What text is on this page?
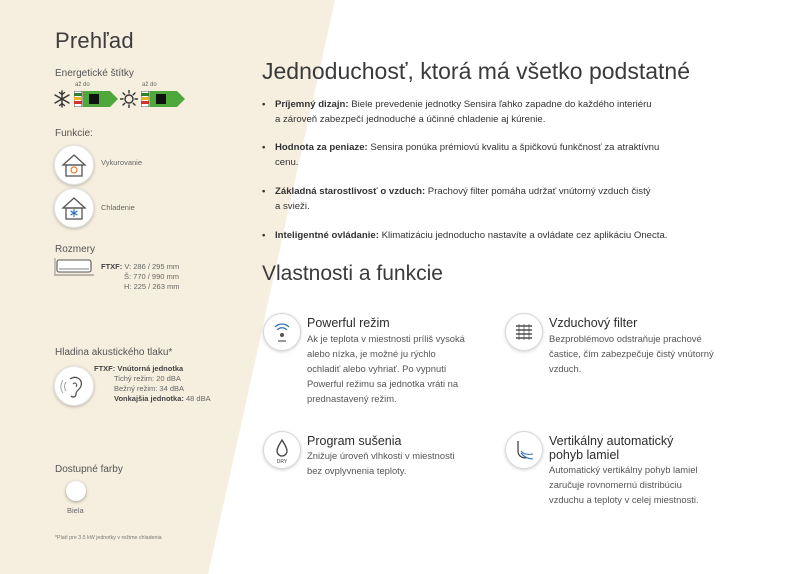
Prehľad
Energetické štítky
až do	až do
Funkcie:
Vykurovanie
Chladenie
Rozmery
FTXF: V: 286 / 295 mm
Š: 770 / 990 mm
H: 225 / 263 mm
Hladina akustického tlaku*
FTXF: Vnútorná jednotka
Tichý režim: 20 dBA
Bežný režim: 34 dBA
Vonkajšia jednotka: 48 dBA
Dostupné farby
Biela
*Platí pre 3.5 kW jednotky v režime chladenia
Jednoduchosť, ktorá má všetko podstatné
• Príjemný dizajn: Biele prevedenie jednotky Sensira ľahko zapadne do každého interiéru
a zároveň zabezpečí jednoduché a účinné chladenie aj kúrenie.
• Hodnota za peniaze: Sensira ponúka prémiovú kvalitu a špičkovú funkčnosť za atraktívnu
cenu.
• Základná starostlivosť o vzduch: Prachový filter pomáha udržať vnútorný vzduch čistý
a svieži.
• Inteligentné ovládanie: Klimatizáciu jednoducho nastavíte a ovládate cez aplikáciu Onecta.
Vlastnosti a funkcie
Powerful režim
Ak je teplota v miestnosti príliš vysoká
alebo nízka, je možné ju rýchlo
ochladiť alebo vyhriať. Po vypnutí
Powerful režimu sa jednotka vráti na
prednastavený režim.
Vzduchový filter
Bezproblémovo odstraňuje prachové
častice, čím zabezpečuje čistý vnútorný
vzduch.
DRY
Program sušenia
Znižuje úroveň vlhkosti v miestnosti
bez ovplyvnenia teploty.
Vertikálny automatický
pohyb lamiel
Automatický vertikálny pohyb lamiel
zaručuje rovnomernú distribúciu
vzduchu a teploty v celej miestnosti.
